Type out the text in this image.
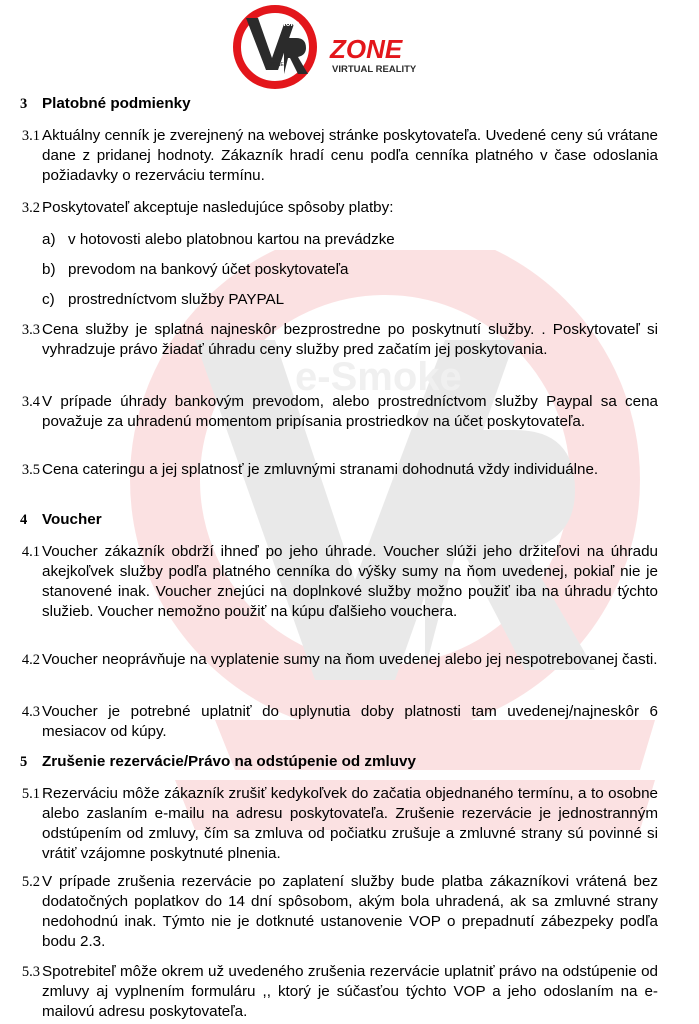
e-Smoke
e-Smoke
ZONE
ZONE
VIRTUAL REALITY
3 Platobné podmienky
3.1 Aktuálny cenník je zverejnený na webovej stránke poskytovateľa. Uvedené ceny sú vrátane dane z pridanej hodnoty. Zákazník hradí cenu podľa cenníka platného v čase odoslania požiadavky o rezerváciu termínu.
3.2 Poskytovateľ akceptuje nasledujúce spôsoby platby:
a) v hotovosti alebo platobnou kartou na prevádzke
b) prevodom na bankový účet poskytovateľa
c) prostredníctvom služby PAYPAL
3.3 Cena služby je splatná najneskôr bezprostredne po poskytnutí služby. . Poskytovateľ si vyhradzuje právo žiadať úhradu ceny služby pred začatím jej poskytovania.
3.4 V prípade úhrady bankovým prevodom, alebo prostredníctvom služby Paypal sa cena považuje za uhradenú momentom pripísania prostriedkov na účet poskytovateľa.
3.5 Cena cateringu a jej splatnosť je zmluvnými stranami dohodnutá vždy individuálne.
4 Voucher
4.1 Voucher zákazník obdrží ihneď po jeho úhrade. Voucher slúži jeho držiteľovi na úhradu akejkoľvek služby podľa platného cenníka do výšky sumy na ňom uvedenej, pokiaľ nie je stanovené inak. Voucher znejúci na doplnkové služby možno použiť iba na úhradu týchto služieb. Voucher nemožno použiť na kúpu ďalšieho vouchera.
4.2 Voucher neoprávňuje na vyplatenie sumy na ňom uvedenej alebo jej nespotrebovanej časti.
4.3 Voucher je potrebné uplatniť do uplynutia doby platnosti tam uvedenej/najneskôr 6 mesiacov od kúpy.
5 Zrušenie rezervácie/Právo na odstúpenie od zmluvy
5.1 Rezerváciu môže zákazník zrušiť kedykoľvek do začatia objednaného termínu, a to osobne alebo zaslaním e-mailu na adresu poskytovateľa. Zrušenie rezervácie je jednostranným odstúpením od zmluvy, čím sa zmluva od počiatku zrušuje a zmluvné strany sú povinné si vrátiť vzájomne poskytnuté plnenia.
5.2 V prípade zrušenia rezervácie po zaplatení služby bude platba zákazníkovi vrátená bez dodatočných poplatkov do 14 dní spôsobom, akým bola uhradená, ak sa zmluvné strany nedohodnú inak. Týmto nie je dotknuté ustanovenie VOP o prepadnutí zábezpeky podľa bodu 2.3.
5.3 Spotrebiteľ môže okrem už uvedeného zrušenia rezervácie uplatniť právo na odstúpenie od zmluvy aj vyplnením formuláru ,, ktorý je súčasťou týchto VOP a jeho odoslaním na e-mailovú adresu poskytovateľa.
